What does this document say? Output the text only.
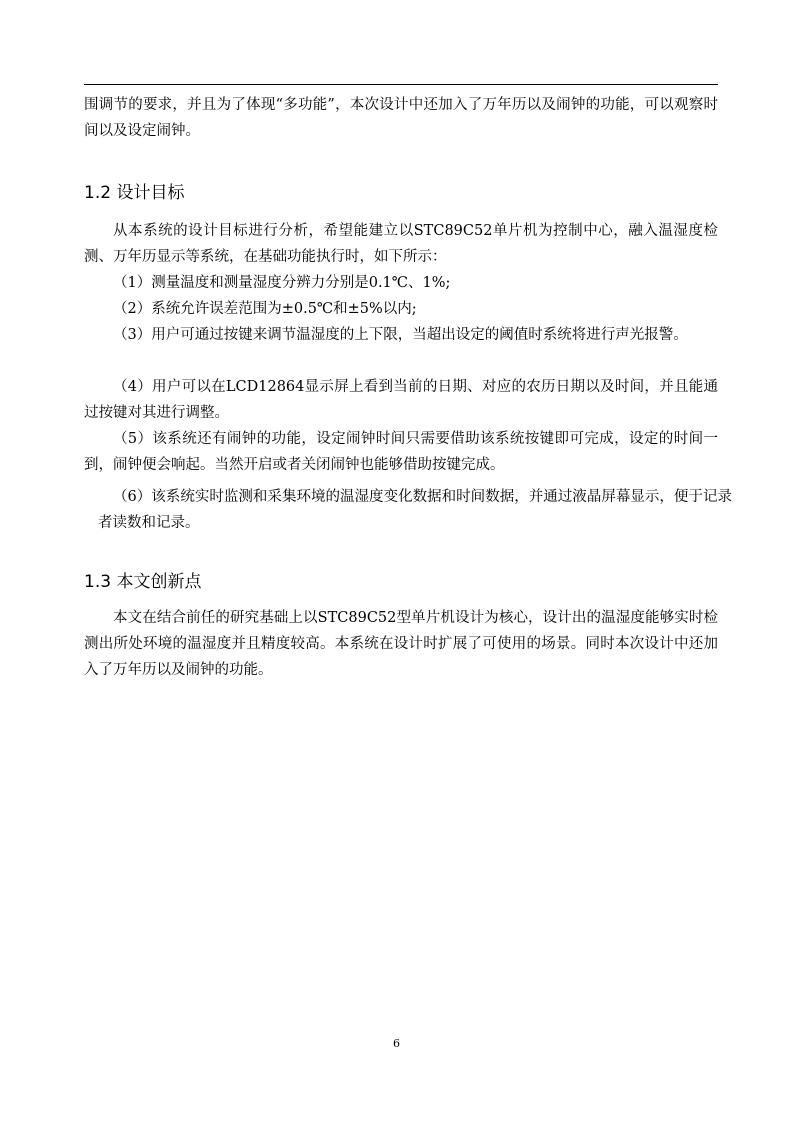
围调节的要求，并且为了体现“多功能”，本次设计中还加入了万年历以及闹钟的功能，可以观察时间以及设定闹钟。

1.2 设计目标

从本系统的设计目标进行分析，希望能建立以STC89C52单片机为控制中心，融入温湿度检测、万年历显示等系统，在基础功能执行时，如下所示：

（1）测量温度和测量湿度分辨力分别是0.1℃、1%;

（2）系统允许误差范围为±0.5℃和±5%以内;

（3）用户可通过按键来调节温湿度的上下限，当超出设定的阈值时系统将进行声光报警。

（4）用户可以在LCD12864显示屏上看到当前的日期、对应的农历日期以及时间，并且能通过按键对其进行调整。

（5）该系统还有闹钟的功能，设定闹钟时间只需要借助该系统按键即可完成，设定的时间一到，闹钟便会响起。当然开启或者关闭闹钟也能够借助按键完成。

（6）该系统实时监测和采集环境的温湿度变化数据和时间数据，并通过液晶屏幕显示，便于记录者读数和记录。

1.3 本文创新点

本文在结合前任的研究基础上以STC89C52型单片机设计为核心，设计出的温湿度能够实时检测出所处环境的温湿度并且精度较高。本系统在设计时扩展了可使用的场景。同时本次设计中还加入了万年历以及闹钟的功能。

6
